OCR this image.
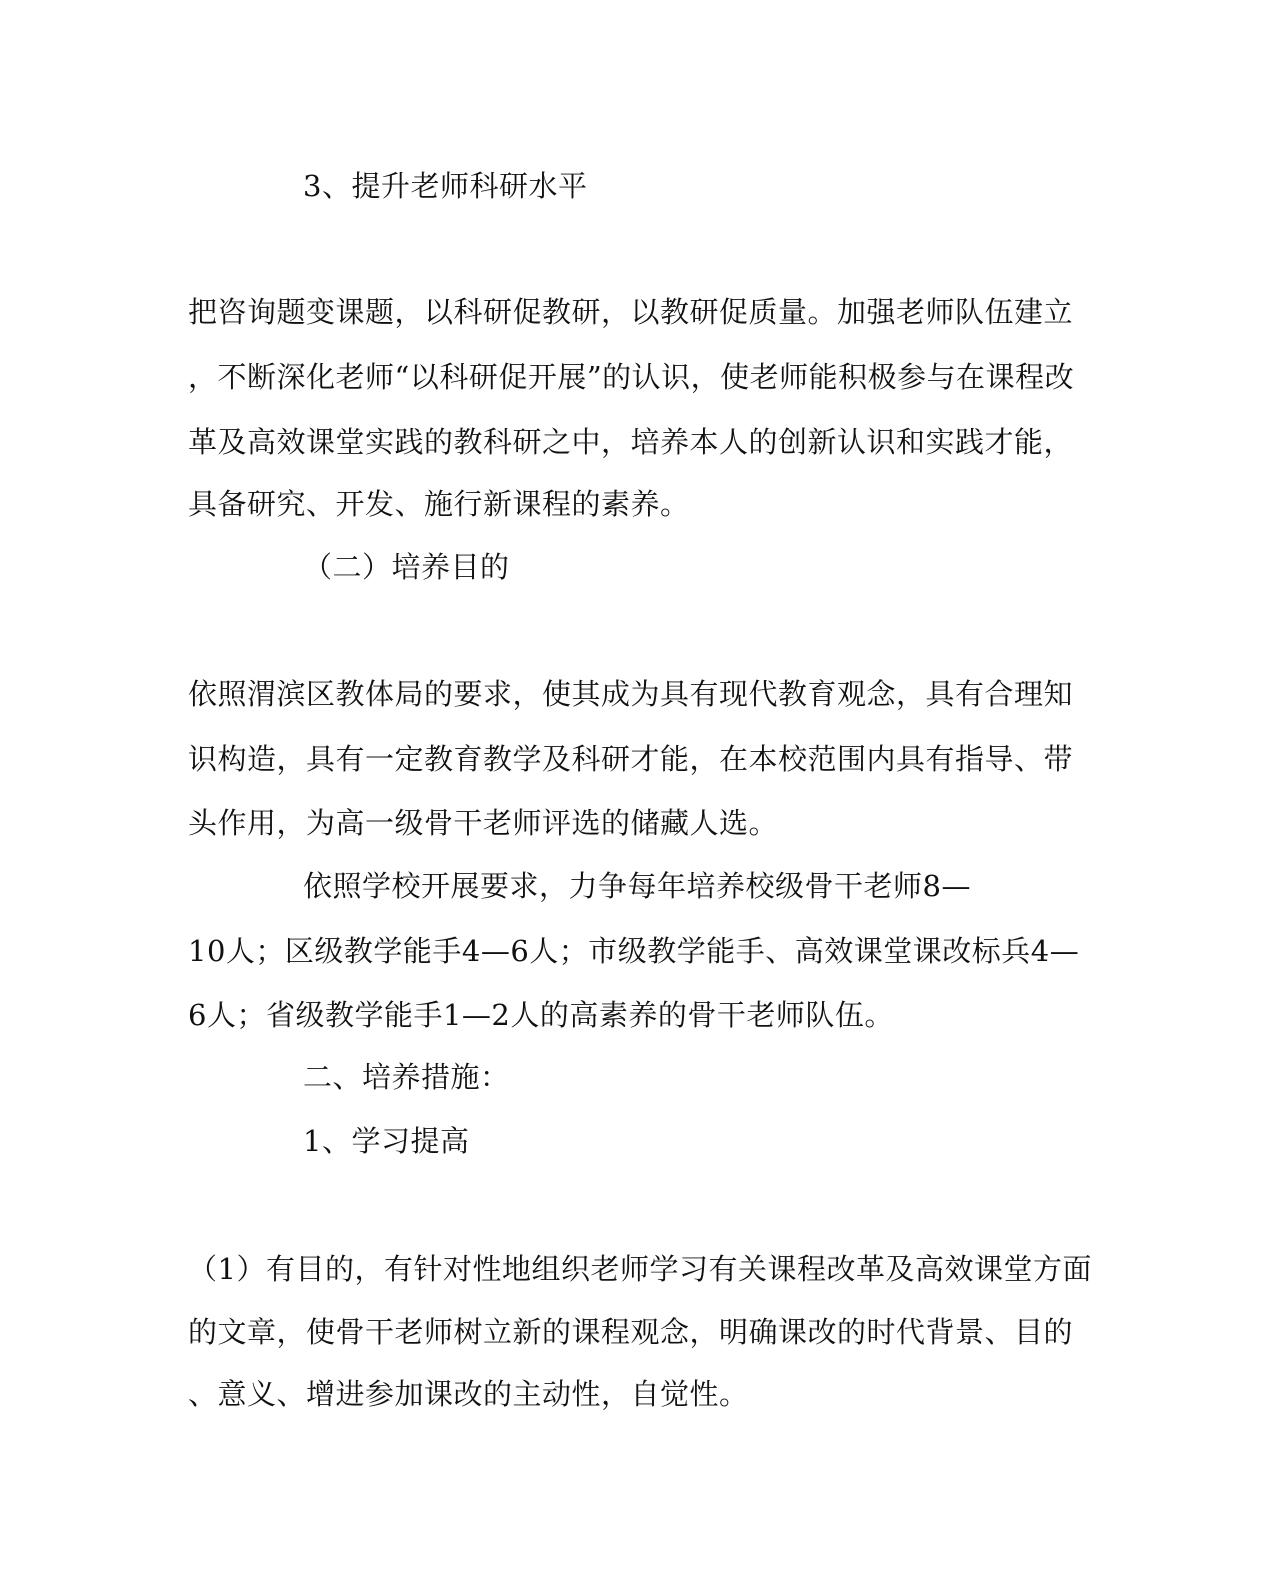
3、提升老师科研水平

把咨询题变课题，以科研促教研，以教研促质量。加强老师队伍建立

，不断深化老师“以科研促开展”的认识，使老师能积极参与在课程改

革及高效课堂实践的教科研之中，培养本人的创新认识和实践才能，

具备研究、开发、施行新课程的素养。

（二）培养目的

依照渭滨区教体局的要求，使其成为具有现代教育观念，具有合理知

识构造，具有一定教育教学及科研才能，在本校范围内具有指导、带

头作用，为高一级骨干老师评选的储藏人选。

依照学校开展要求，力争每年培养校级骨干老师8—

10人；区级教学能手4—6人；市级教学能手、高效课堂课改标兵4—

6人；省级教学能手1—2人的高素养的骨干老师队伍。

二、培养措施：

1、学习提高

（1）有目的，有针对性地组织老师学习有关课程改革及高效课堂方面

的文章，使骨干老师树立新的课程观念，明确课改的时代背景、目的

、意义、增进参加课改的主动性，自觉性。
